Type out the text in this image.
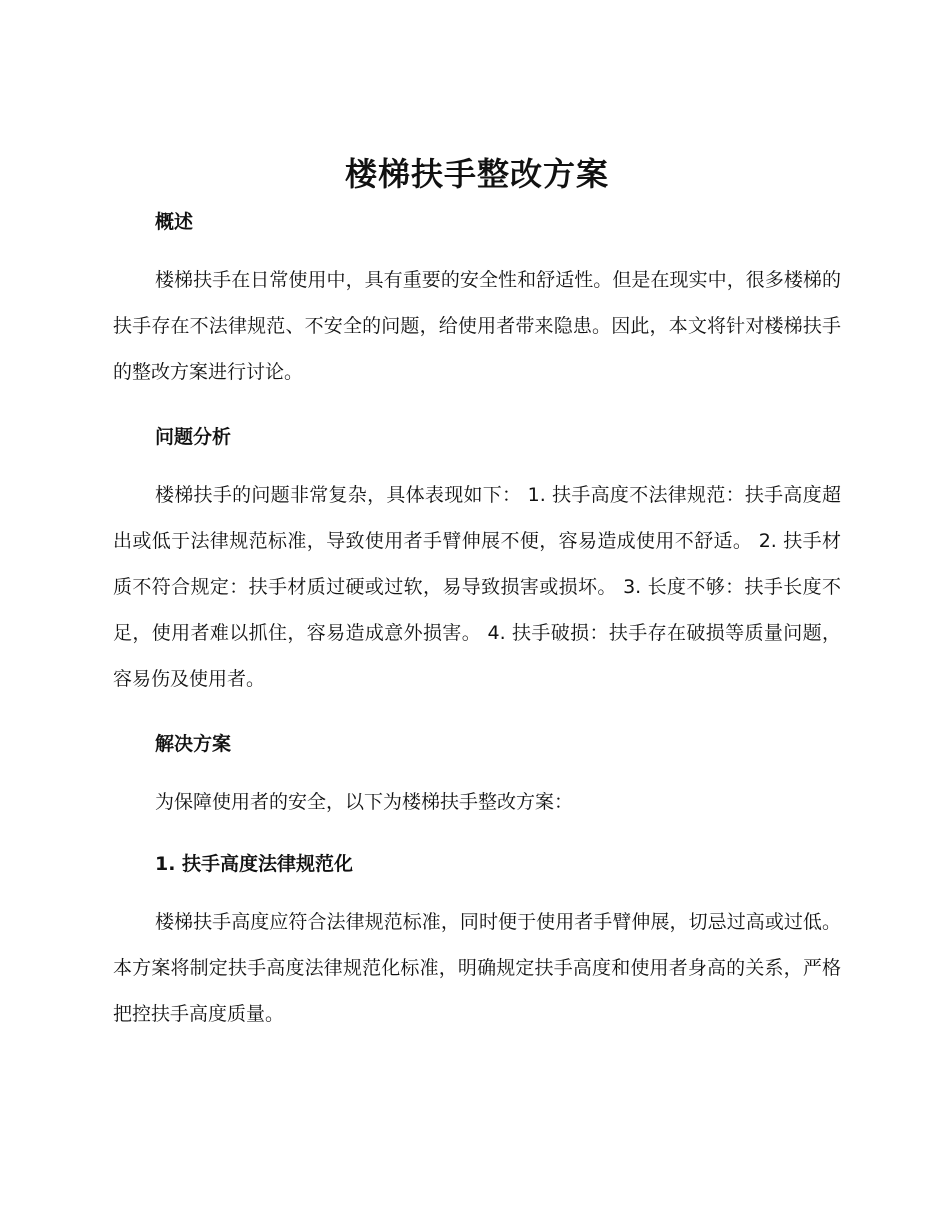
楼梯扶手整改方案
概述

楼梯扶手在日常使用中，具有重要的安全性和舒适性。但是在现实中，很多楼梯的扶手存在不法律规范、不安全的问题，给使用者带来隐患。因此，本文将针对楼梯扶手的整改方案进行讨论。

问题分析

楼梯扶手的问题非常复杂，具体表现如下： 1. 扶手高度不法律规范：扶手高度超出或低于法律规范标准，导致使用者手臂伸展不便，容易造成使用不舒适。 2. 扶手材质不符合规定：扶手材质过硬或过软，易导致损害或损坏。 3. 长度不够：扶手长度不足，使用者难以抓住，容易造成意外损害。 4. 扶手破损：扶手存在破损等质量问题，容易伤及使用者。

解决方案

为保障使用者的安全，以下为楼梯扶手整改方案：

1. 扶手高度法律规范化

楼梯扶手高度应符合法律规范标准，同时便于使用者手臂伸展，切忌过高或过低。本方案将制定扶手高度法律规范化标准，明确规定扶手高度和使用者身高的关系，严格把控扶手高度质量。
